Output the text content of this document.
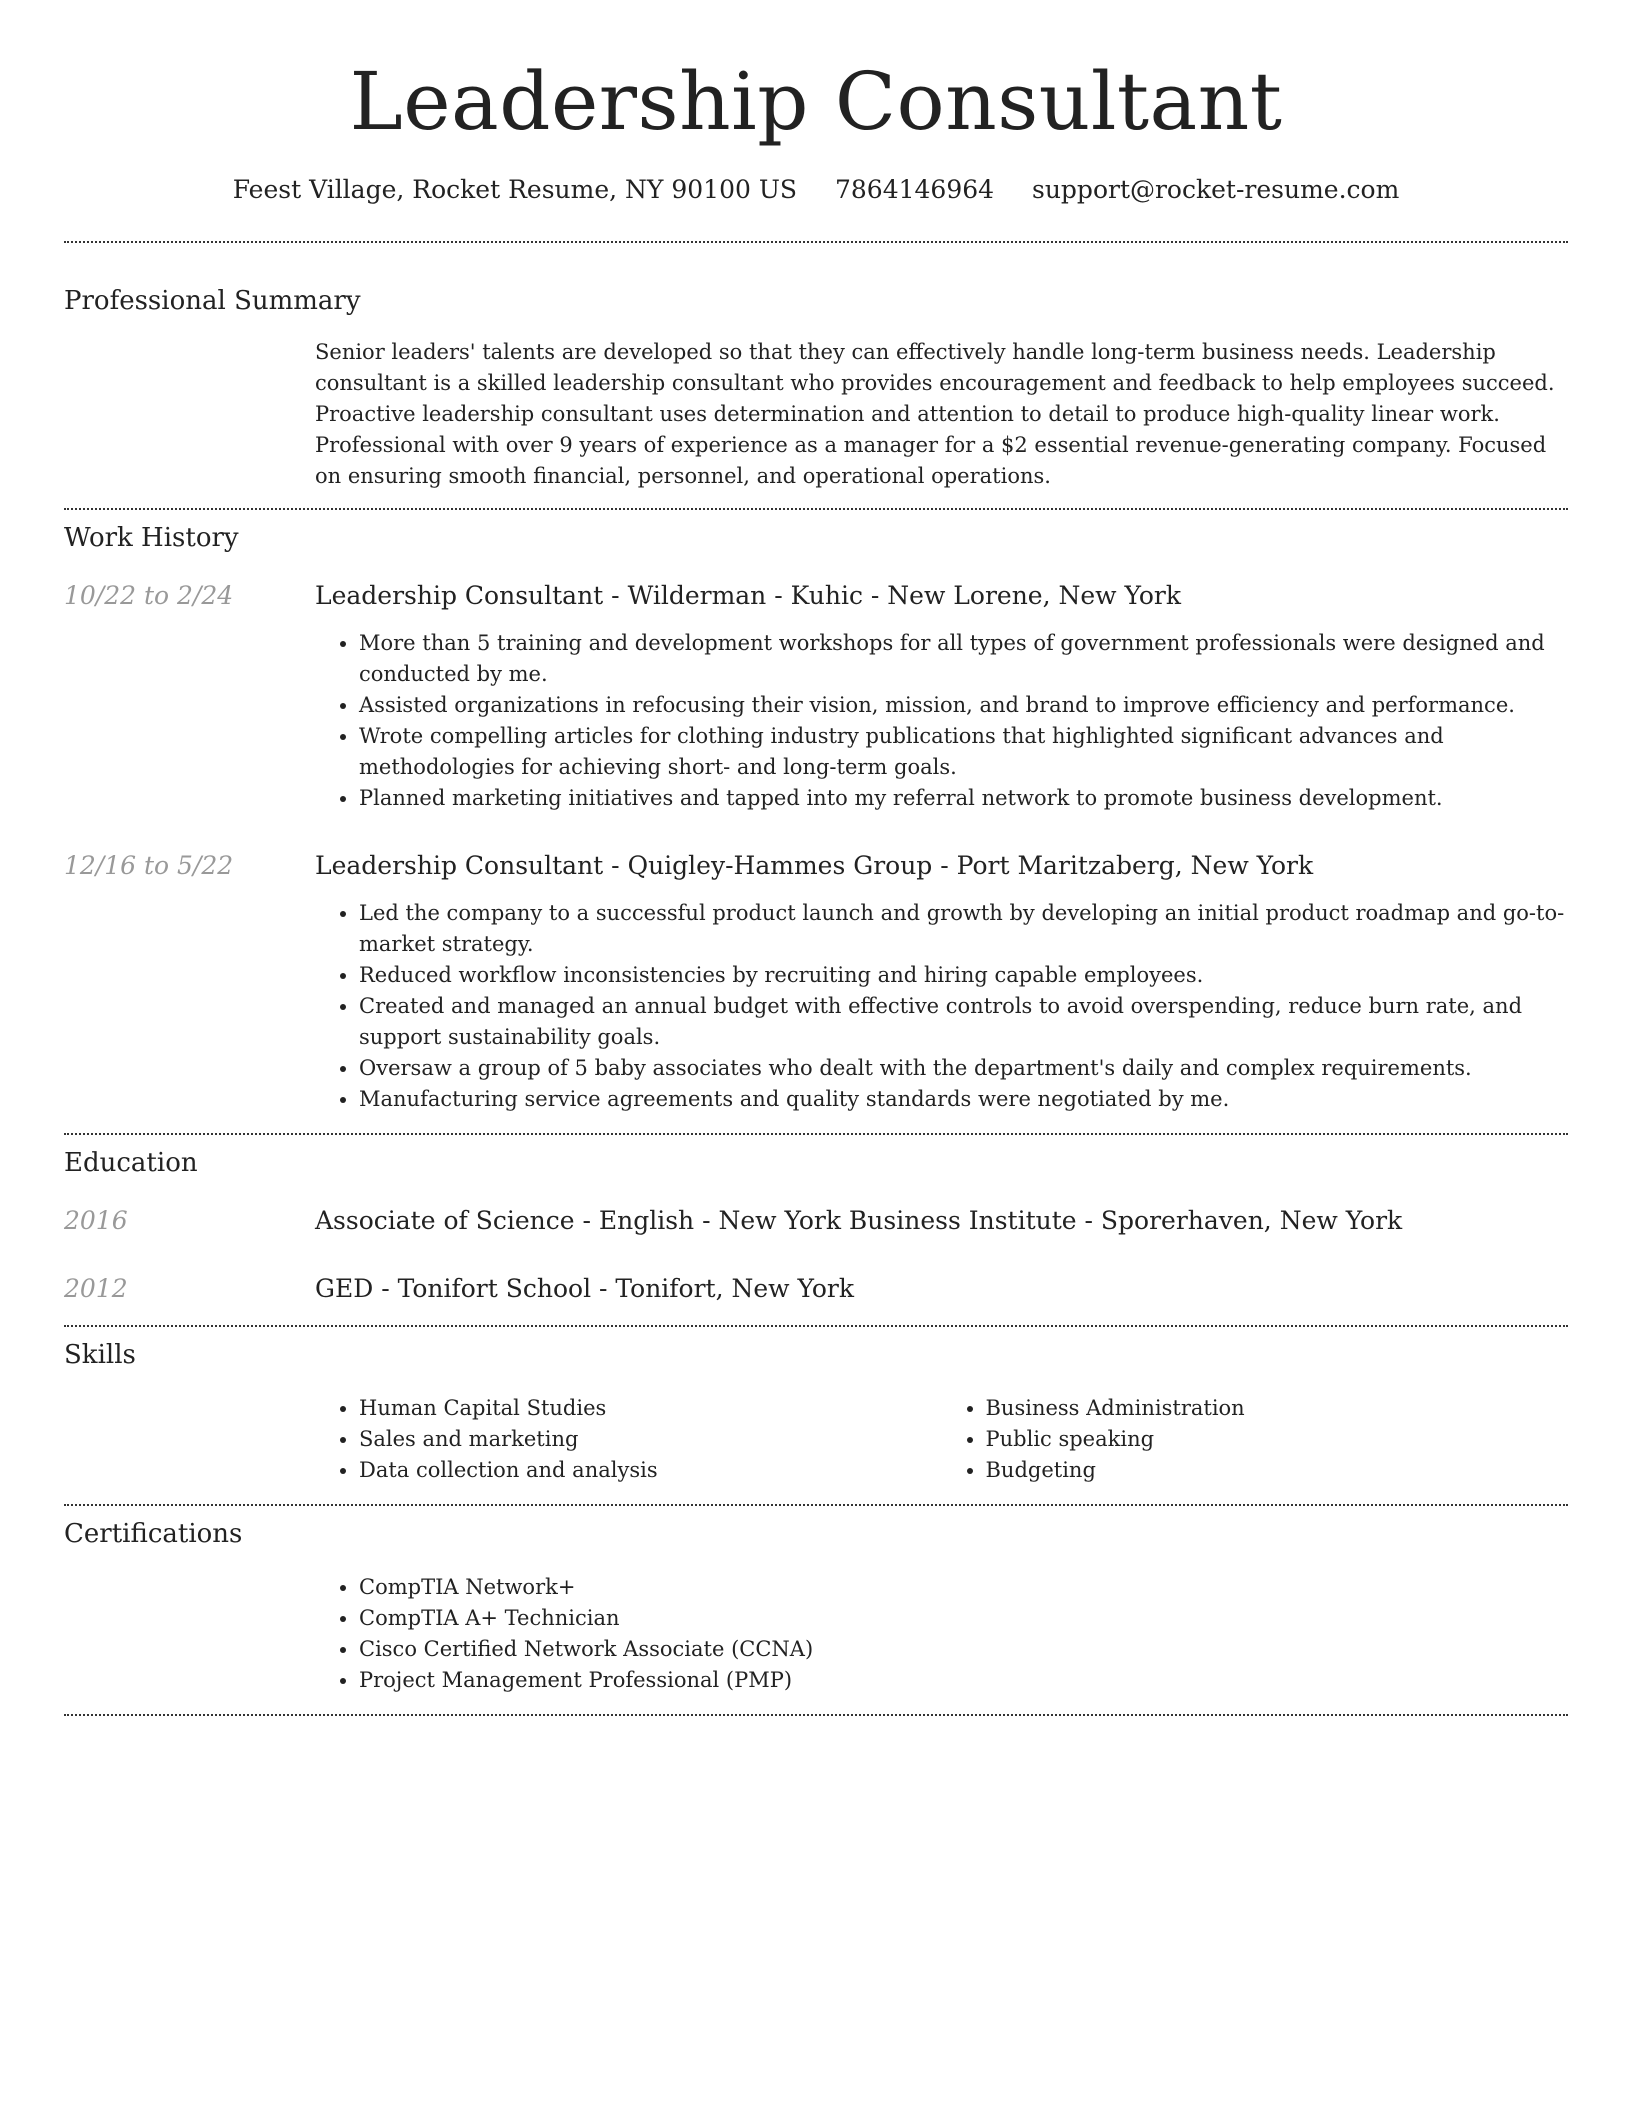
Leadership Consultant
Feest Village, Rocket Resume, NY 90100 US 7864146964 support@rocket-resume.com
Professional Summary

Senior leaders' talents are developed so that they can effectively handle long-term business needs. Leadership consultant is a skilled leadership consultant who provides encouragement and feedback to help employees succeed. Proactive leadership consultant uses determination and attention to detail to produce high-quality linear work. Professional with over 9 years of experience as a manager for a $2 essential revenue-generating company. Focused on ensuring smooth financial, personnel, and operational operations.

Work History
10/22 to 2/24	Leadership Consultant - Wilderman - Kuhic - New Lorene, New York
• More than 5 training and development workshops for all types of government professionals were designed and conducted by me.
• Assisted organizations in refocusing their vision, mission, and brand to improve efficiency and performance.
• Wrote compelling articles for clothing industry publications that highlighted significant advances and methodologies for achieving short- and long-term goals.
• Planned marketing initiatives and tapped into my referral network to promote business development.
12/16 to 5/22	Leadership Consultant - Quigley-Hammes Group - Port Maritzaberg, New York
• Led the company to a successful product launch and growth by developing an initial product roadmap and go-to-market strategy.
• Reduced workflow inconsistencies by recruiting and hiring capable employees.
• Created and managed an annual budget with effective controls to avoid overspending, reduce burn rate, and support sustainability goals.
• Oversaw a group of 5 baby associates who dealt with the department's daily and complex requirements.
• Manufacturing service agreements and quality standards were negotiated by me.
Education
2016	Associate of Science - English - New York Business Institute - Sporerhaven, New York
2012	GED - Tonifort School - Tonifort, New York
Skills
• Human Capital Studies
• Sales and marketing
• Data collection and analysis
• Business Administration
• Public speaking
• Budgeting
Certifications
• CompTIA Network+
• CompTIA A+ Technician
• Cisco Certified Network Associate (CCNA)
• Project Management Professional (PMP)
